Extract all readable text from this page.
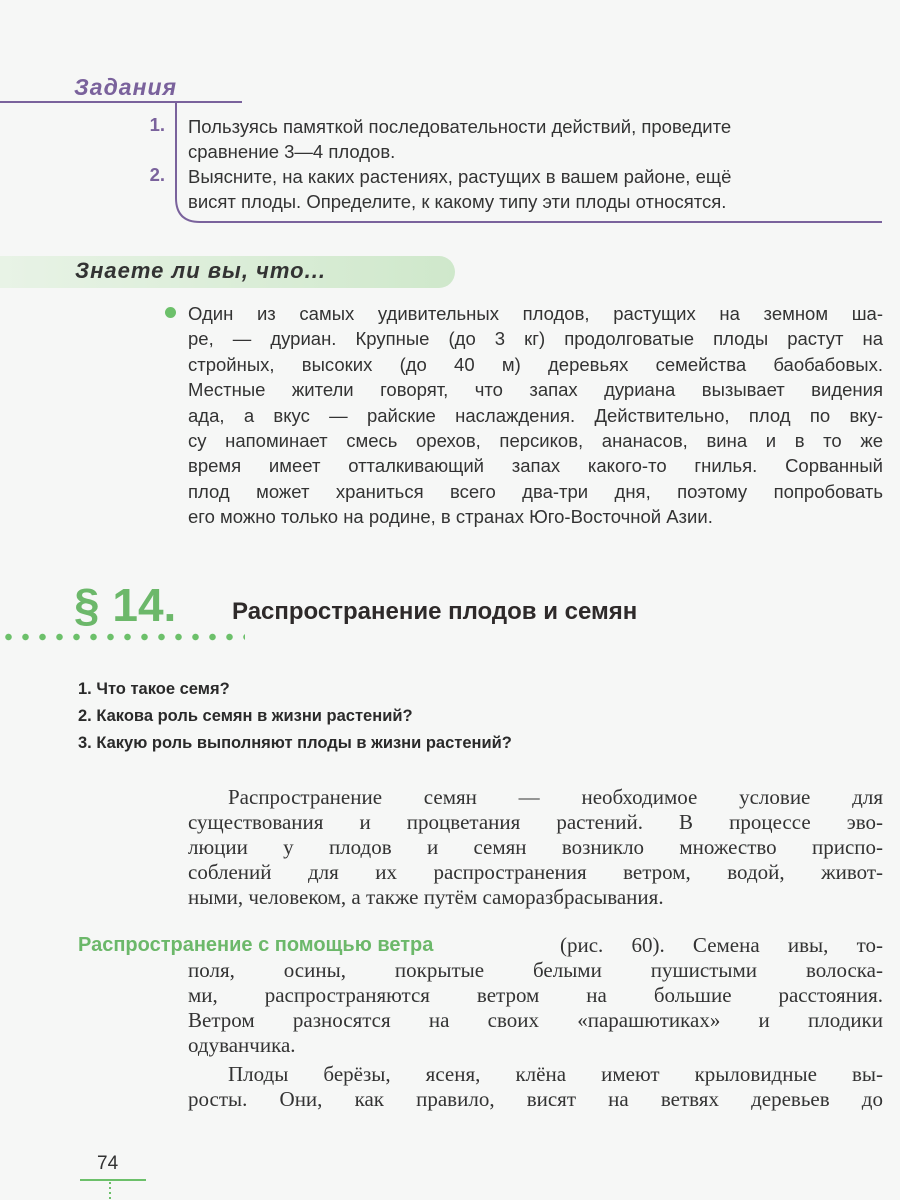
Задания
1. Пользуясь памяткой последовательности действий, проведите
сравнение 3—4 плодов.
2. Выясните, на каких растениях, растущих в вашем районе, ещё
висят плоды. Определите, к какому типу эти плоды относятся.
Знаете ли вы, что...
Один из самых удивительных плодов, растущих на земном ша-
ре, — дуриан. Крупные (до 3 кг) продолговатые плоды растут на
стройных, высоких (до 40 м) деревьях семейства баобабовых.
Местные жители говорят, что запах дуриана вызывает видения
ада, а вкус — райские наслаждения. Действительно, плод по вку-
су напоминает смесь орехов, персиков, ананасов, вина и в то же
время имеет отталкивающий запах какого-то гнилья. Сорванный
плод может храниться всего два-три дня, поэтому попробовать
его можно только на родине, в странах Юго-Восточной Азии.
§ 14. Распространение плодов и семян
1. Что такое семя?
2. Какова роль семян в жизни растений?
3. Какую роль выполняют плоды в жизни растений?
Распространение семян — необходимое условие для
существования и процветания растений. В процессе эво-
люции у плодов и семян возникло множество приспо-
соблений для их распространения ветром, водой, живот-
ными, человеком, а также путём саморазбрасывания.
Распространение с помощью ветра	(рис. 60). Семена ивы, то-
поля, осины, покрытые белыми пушистыми волоска-
ми, распространяются ветром на большие расстояния.
Ветром разносятся на своих «парашютиках» и плодики
одуванчика.
Плоды берёзы, ясеня, клёна имеют крыловидные вы-
росты. Они, как правило, висят на ветвях деревьев до
74
